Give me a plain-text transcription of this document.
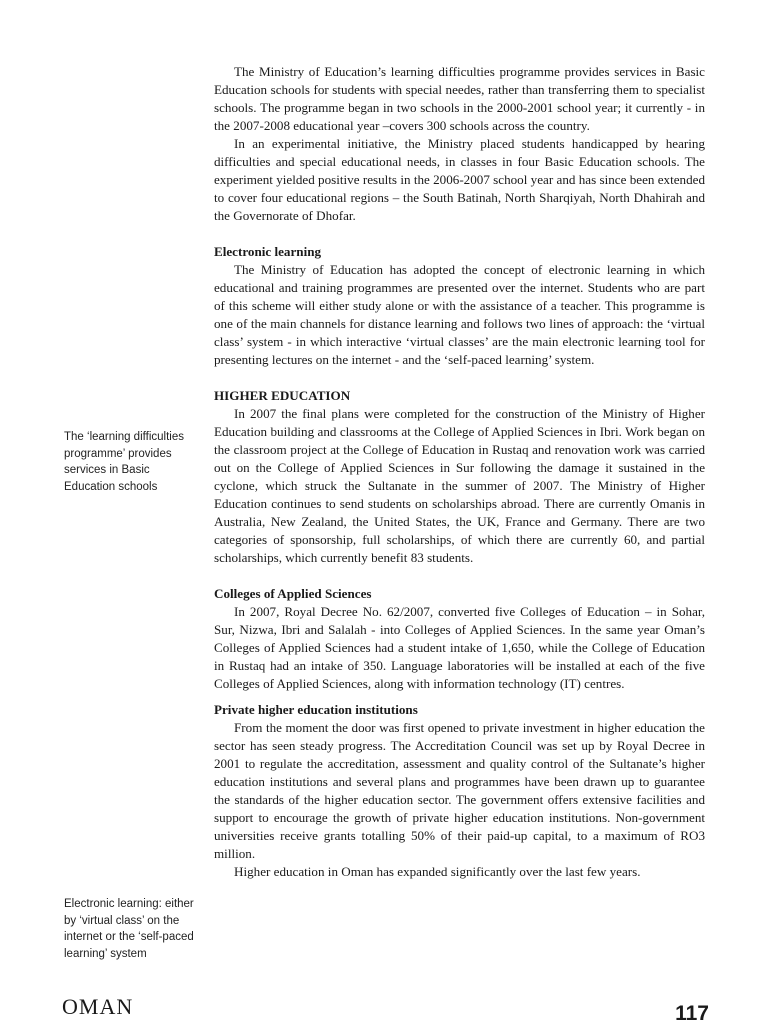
The Ministry of Education’s learning difficulties programme provides services in Basic Education schools for students with special needes, rather than transferring them to specialist schools. The programme began in two schools in the 2000-2001 school year; it currently - in the 2007-2008 educational year –covers 300 schools across the country.

In an experimental initiative, the Ministry placed students handicapped by hearing difficulties and special educational needs, in classes in four Basic Education schools. The experiment yielded positive results in the 2006-2007 school year and has since been extended to cover four educational regions – the South Batinah, North Sharqiyah, North Dhahirah and the Governorate of Dhofar.

Electronic learning

The Ministry of Education has adopted the concept of electronic learning in which educational and training programmes are presented over the internet. Students who are part of this scheme will either study alone or with the assistance of a teacher. This programme is one of the main channels for distance learning and follows two lines of approach: the ‘virtual class’ system - in which interactive ‘virtual classes’ are the main electronic learning tool for presenting lectures on the internet - and the ‘self-paced learning’ system.

HIGHER EDUCATION

In 2007 the final plans were completed for the construction of the Ministry of Higher Education building and classrooms at the College of Applied Sciences in Ibri. Work began on the classroom project at the College of Education in Rustaq and renovation work was carried out on the College of Applied Sciences in Sur following the damage it sustained in the cyclone, which struck the Sultanate in the summer of 2007. The Ministry of Higher Education continues to send students on scholarships abroad. There are currently Omanis in Australia, New Zealand, the United States, the UK, France and Germany. There are two categories of sponsorship, full scholarships, of which there are currently 60, and partial scholarships, which currently benefit 83 students.

Colleges of Applied Sciences

In 2007, Royal Decree No. 62/2007, converted five Colleges of Education – in Sohar, Sur, Nizwa, Ibri and Salalah - into Colleges of Applied Sciences. In the same year Oman’s Colleges of Applied Sciences had a student intake of 1,650, while the College of Education in Rustaq had an intake of 350. Language laboratories will be installed at each of the five Colleges of Applied Sciences, along with information technology (IT) centres.

Private higher education institutions

From the moment the door was first opened to private investment in higher education the sector has seen steady progress. The Accreditation Council was set up by Royal Decree in 2001 to regulate the accreditation, assessment and quality control of the Sultanate’s higher education institutions and several plans and programmes have been drawn up to guarantee the standards of the higher education sector. The government offers extensive facilities and support to encourage the growth of private higher education institutions. Non-government universities receive grants totalling 50% of their paid-up capital, to a maximum of RO3 million.

Higher education in Oman has expanded significantly over the last few years.

The ‘learning difficulties programme’ provides services in Basic Education schools
Electronic learning: either by ‘virtual class’ on the internet or the ‘self-paced learning’ system
OMAN	117
